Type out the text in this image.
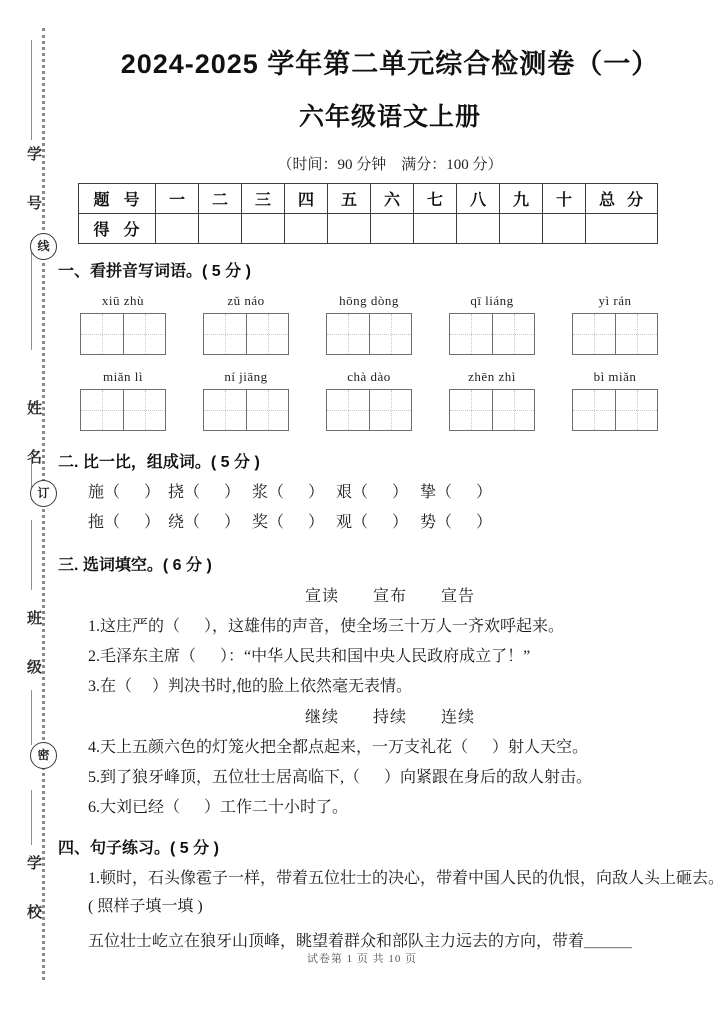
学 号
线
姓 名
订
班 级
密
学 校
2024-2025 学年第二单元综合检测卷（一）
六年级语文上册
（时间：90 分钟　满分：100 分）
题 号	一	二	三	四	五	六	七	八	九	十	总 分
得 分											
一、看拼音写词语。( 5 分 )
xiū zhù	zǔ náo	hōng dòng	qī liáng	yì rán
miǎn lì	ní jiāng	chà dào	zhēn zhì	bì miǎn
二. 比一比，组成词。( 5 分 )
施（      ）  挠（      ）   浆（      ）   艰（      ）   挚（      ）
拖（      ）  绕（      ）   奖（      ）   观（      ）   势（      ）
三. 选词填空。( 6 分 )
宣读　　宣布　　宣告
1.这庄严的（      ），这雄伟的声音，使全场三十万人一齐欢呼起来。
2.毛泽东主席（      ）：“中华人民共和国中央人民政府成立了！”
3.在（     ）判决书时,他的脸上依然毫无表情。
继续　　持续　　连续
4.天上五颜六色的灯笼火把全都点起来，一万支礼花（      ）射人天空。
5.到了狼牙峰顶，五位壮士居高临下,（      ）向紧跟在身后的敌人射击。
6.大刘已经（      ）工作二十小时了。
四、句子练习。( 5 分 )
1.顿时，石头像雹子一样，带着五位壮士的决心，带着中国人民的仇恨，向敌人头上砸去。( 照样子填一填 )
五位壮士屹立在狼牙山顶峰，眺望着群众和部队主力远去的方向，带着＿＿＿
试卷第 1 页 共 10 页
